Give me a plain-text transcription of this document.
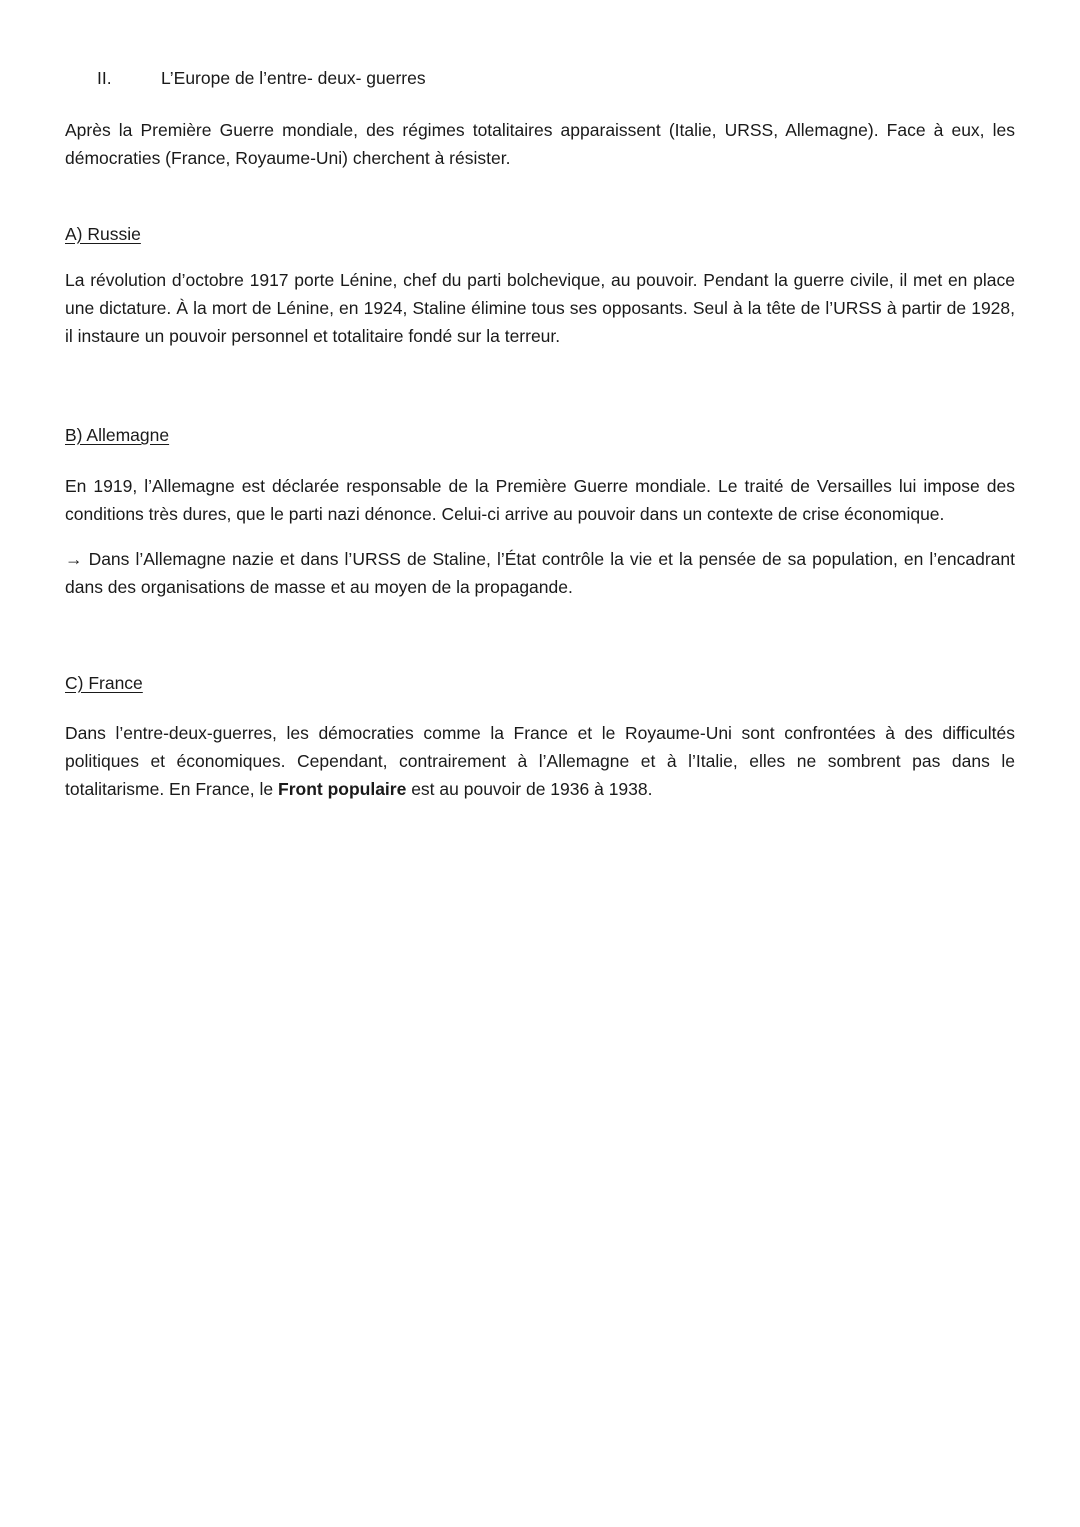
II.	L’Europe de l’entre- deux- guerres

Après la Première Guerre mondiale, des régimes totalitaires apparaissent (Italie, URSS, Allemagne). Face à eux, les démocraties (France, Royaume-Uni) cherchent à résister.

A) Russie

La révolution d’octobre 1917 porte Lénine, chef du parti bolchevique, au pouvoir. Pendant la guerre civile, il met en place une dictature. À la mort de Lénine, en 1924, Staline élimine tous ses opposants. Seul à la tête de l’URSS à partir de 1928, il instaure un pouvoir personnel et totalitaire fondé sur la terreur.

B) Allemagne

En 1919, l’Allemagne est déclarée responsable de la Première Guerre mondiale. Le traité de Versailles lui impose des conditions très dures, que le parti nazi dénonce. Celui-ci arrive au pouvoir dans un contexte de crise économique.

→ Dans l’Allemagne nazie et dans l’URSS de Staline, l’État contrôle la vie et la pensée de sa population, en l’encadrant dans des organisations de masse et au moyen de la propagande.

C) France

Dans l’entre-deux-guerres, les démocraties comme la France et le Royaume-Uni sont confrontées à des difficultés politiques et économiques. Cependant, contrairement à l’Allemagne et à l’Italie, elles ne sombrent pas dans le totalitarisme. En France, le Front populaire est au pouvoir de 1936 à 1938.
